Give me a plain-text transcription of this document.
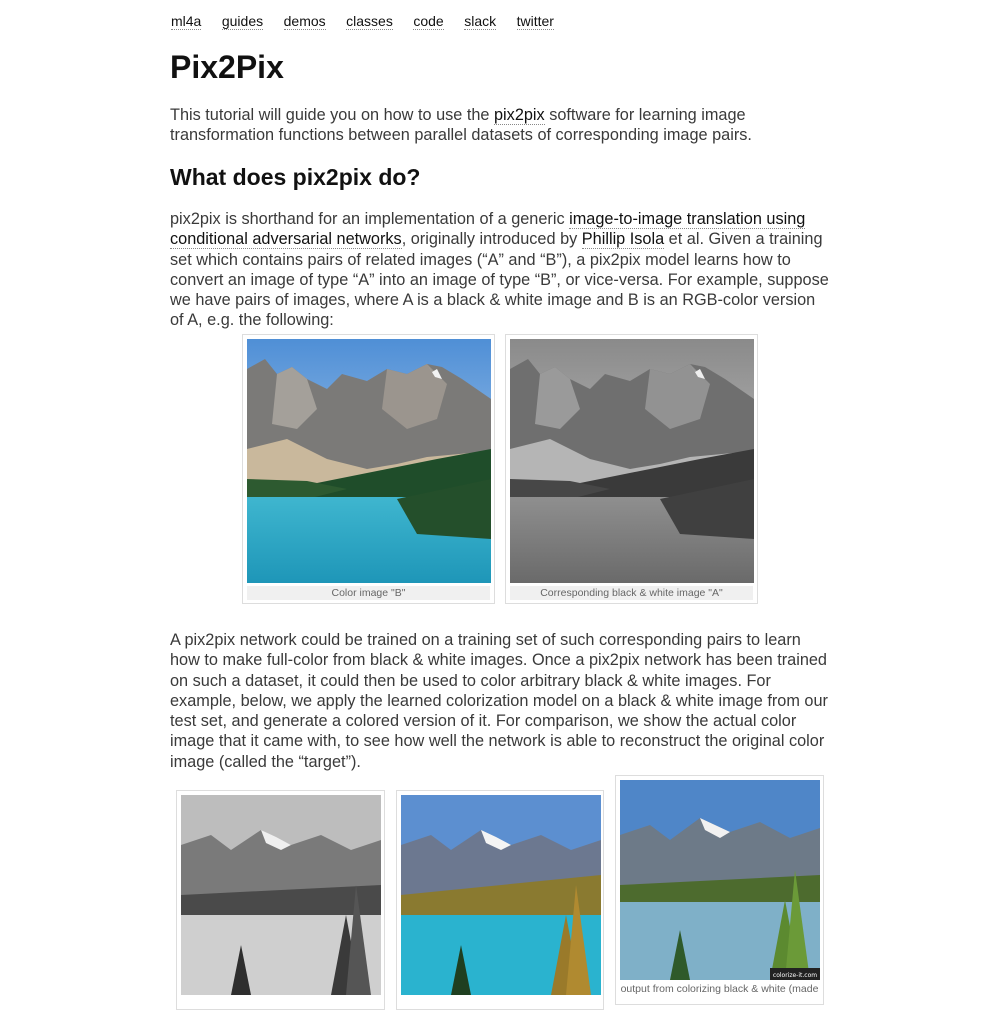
ml4a guides demos classes code slack twitter
Pix2Pix

This tutorial will guide you on how to use the pix2pix software for learning image transformation functions between parallel datasets of corresponding image pairs.

What does pix2pix do?

pix2pix is shorthand for an implementation of a generic image-to-image translation using conditional adversarial networks, originally introduced by Phillip Isola et al. Given a training set which contains pairs of related images (“A” and “B”), a pix2pix model learns how to convert an image of type “A” into an image of type “B”, or vice-versa. For example, suppose we have pairs of images, where A is a black & white image and B is an RGB-color version of A, e.g. the following:

Color image "B"	Corresponding black & white image "A"

A pix2pix network could be trained on a training set of such corresponding pairs to learn how to make full-color from black & white images. Once a pix2pix network has been trained on such a dataset, it could then be used to color arbitrary black & white images. For example, below, we apply the learned colorization model on a black & white image from our test set, and generate a colored version of it. For comparison, we show the actual color image that it came with, to see how well the network is able to reconstruct the original color image (called the “target”).

colorize-it.com
output from colorizing black & white (made
